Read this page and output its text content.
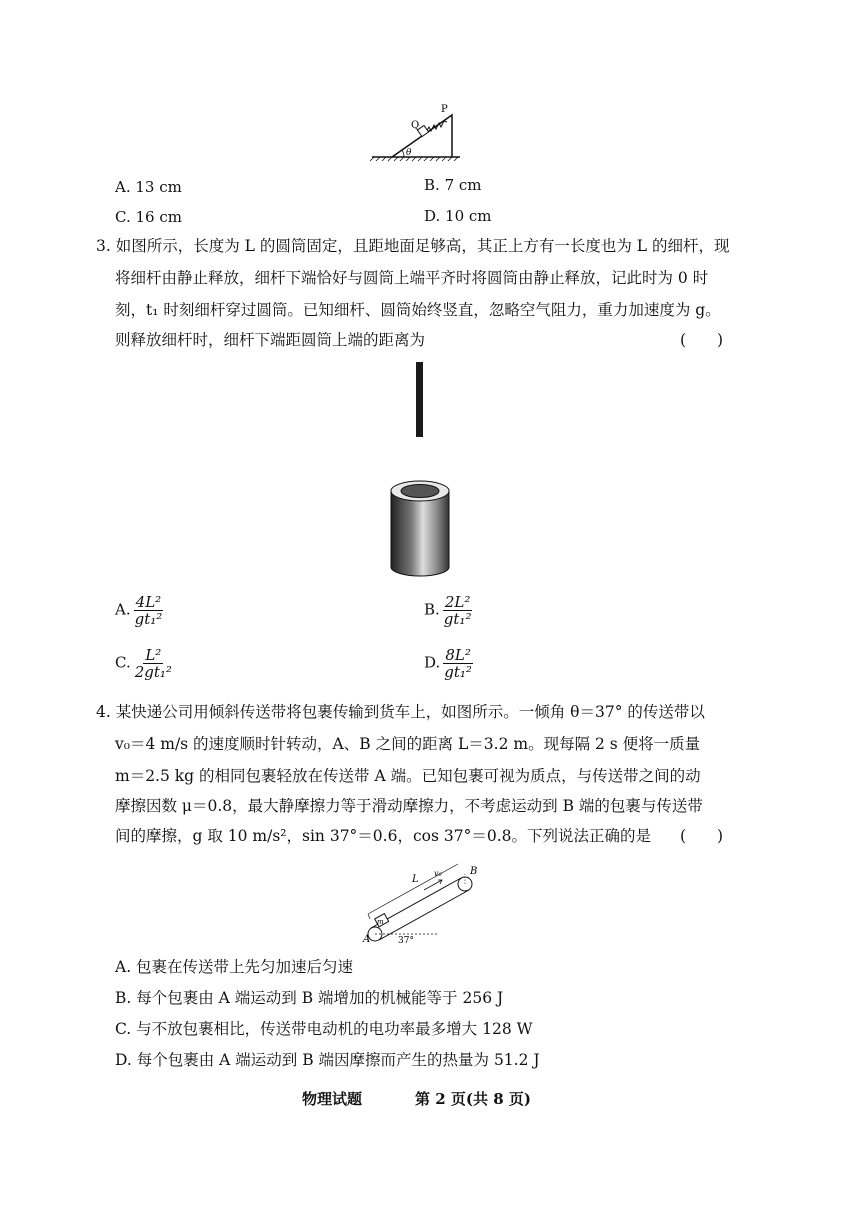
P
Q
θ
A. 13 cm	B. 7 cm
C. 16 cm	D. 10 cm
3. 如图所示，长度为 L 的圆筒固定，且距地面足够高，其正上方有一长度也为 L 的细杆，现
将细杆由静止释放，细杆下端恰好与圆筒上端平齐时将圆筒由静止释放，记此时为 0 时
刻，t₁ 时刻细杆穿过圆筒。已知细杆、圆筒始终竖直，忽略空气阻力，重力加速度为 g。
则释放细杆时，细杆下端距圆筒上端的距离为	(　　)
A. $\frac{\text{4L²}}{\text{gt₁²}}$	B. $\frac{\text{2L²}}{\text{gt₁²}}$
C. $\frac{\text{L²}}{\text{2gt₁²}}$	D. $\frac{\text{8L²}}{\text{gt₁²}}$
4. 某快递公司用倾斜传送带将包裹传输到货车上，如图所示。一倾角 θ＝37° 的传送带以
v₀＝4 m/s 的速度顺时针转动，A、B 之间的距离 L＝3.2 m。现每隔 2 s 便将一质量
m＝2.5 kg 的相同包裹轻放在传送带 A 端。已知包裹可视为质点，与传送带之间的动
摩擦因数 μ＝0.8，最大静摩擦力等于滑动摩擦力，不考虑运动到 B 端的包裹与传送带
间的摩擦，g 取 10 m/s²，sin 37°＝0.6，cos 37°＝0.8。下列说法正确的是 (　　)
m
L
v₀	B
A	37°
A. 包裹在传送带上先匀加速后匀速
B. 每个包裹由 A 端运动到 B 端增加的机械能等于 256 J
C. 与不放包裹相比，传送带电动机的电功率最多增大 128 W
D. 每个包裹由 A 端运动到 B 端因摩擦而产生的热量为 51.2 J
物理试题	第 2 页(共 8 页)
